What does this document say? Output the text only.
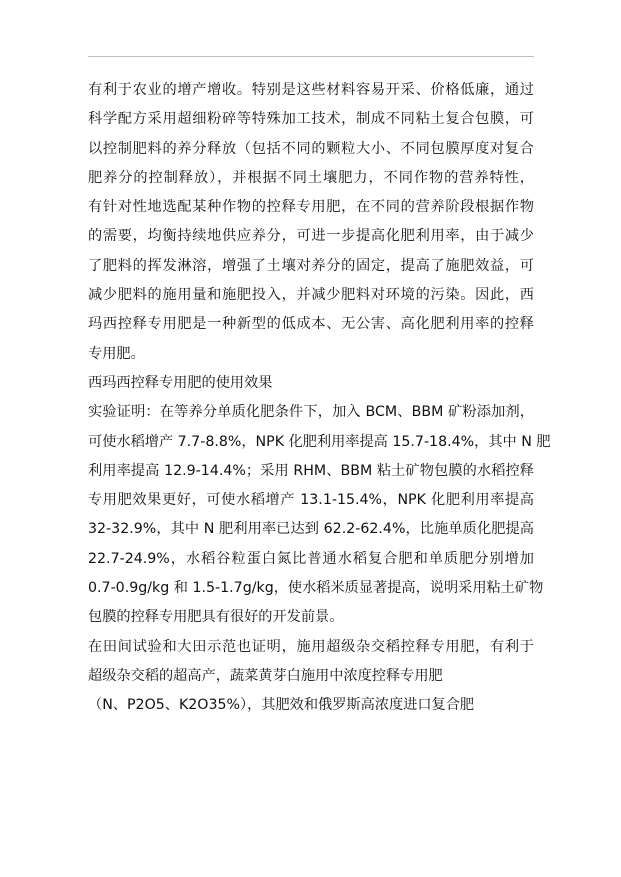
有利于农业的增产增收。特别是这些材料容易开采、价格低廉，通过
科学配方采用超细粉碎等特殊加工技术，制成不同粘土复合包膜，可
以控制肥料的养分释放（包括不同的颗粒大小、不同包膜厚度对复合
肥养分的控制释放），并根据不同土壤肥力，不同作物的营养特性，
有针对性地选配某种作物的控释专用肥，在不同的营养阶段根据作物
的需要，均衡持续地供应养分，可进一步提高化肥利用率，由于减少
了肥料的挥发淋溶，增强了土壤对养分的固定，提高了施肥效益，可
减少肥料的施用量和施肥投入，并减少肥料对环境的污染。因此，西
玛西控释专用肥是一种新型的低成本、无公害、高化肥利用率的控释
专用肥。
西玛西控释专用肥的使用效果
实验证明：在等养分单质化肥条件下，加入 BCM、BBM 矿粉添加剂，
可使水稻增产 7.7-8.8%，NPK 化肥利用率提高 15.7-18.4%，其中 N 肥
利用率提高 12.9-14.4%；采用 RHM、BBM 粘土矿物包膜的水稻控释
专用肥效果更好，可使水稻增产 13.1-15.4%，NPK 化肥利用率提高
32-32.9%，其中 N 肥利用率已达到 62.2-62.4%，比施单质化肥提高
22.7-24.9%，水稻谷粒蛋白氮比普通水稻复合肥和单质肥分别增加
0.7-0.9g/kg 和 1.5-1.7g/kg，使水稻米质显著提高，说明采用粘土矿物
包膜的控释专用肥具有很好的开发前景。
在田间试验和大田示范也证明，施用超级杂交稻控释专用肥，有利于
超级杂交稻的超高产，蔬菜黄芽白施用中浓度控释专用肥
（N、P2O5、K2O35%），其肥效和俄罗斯高浓度进口复合肥
